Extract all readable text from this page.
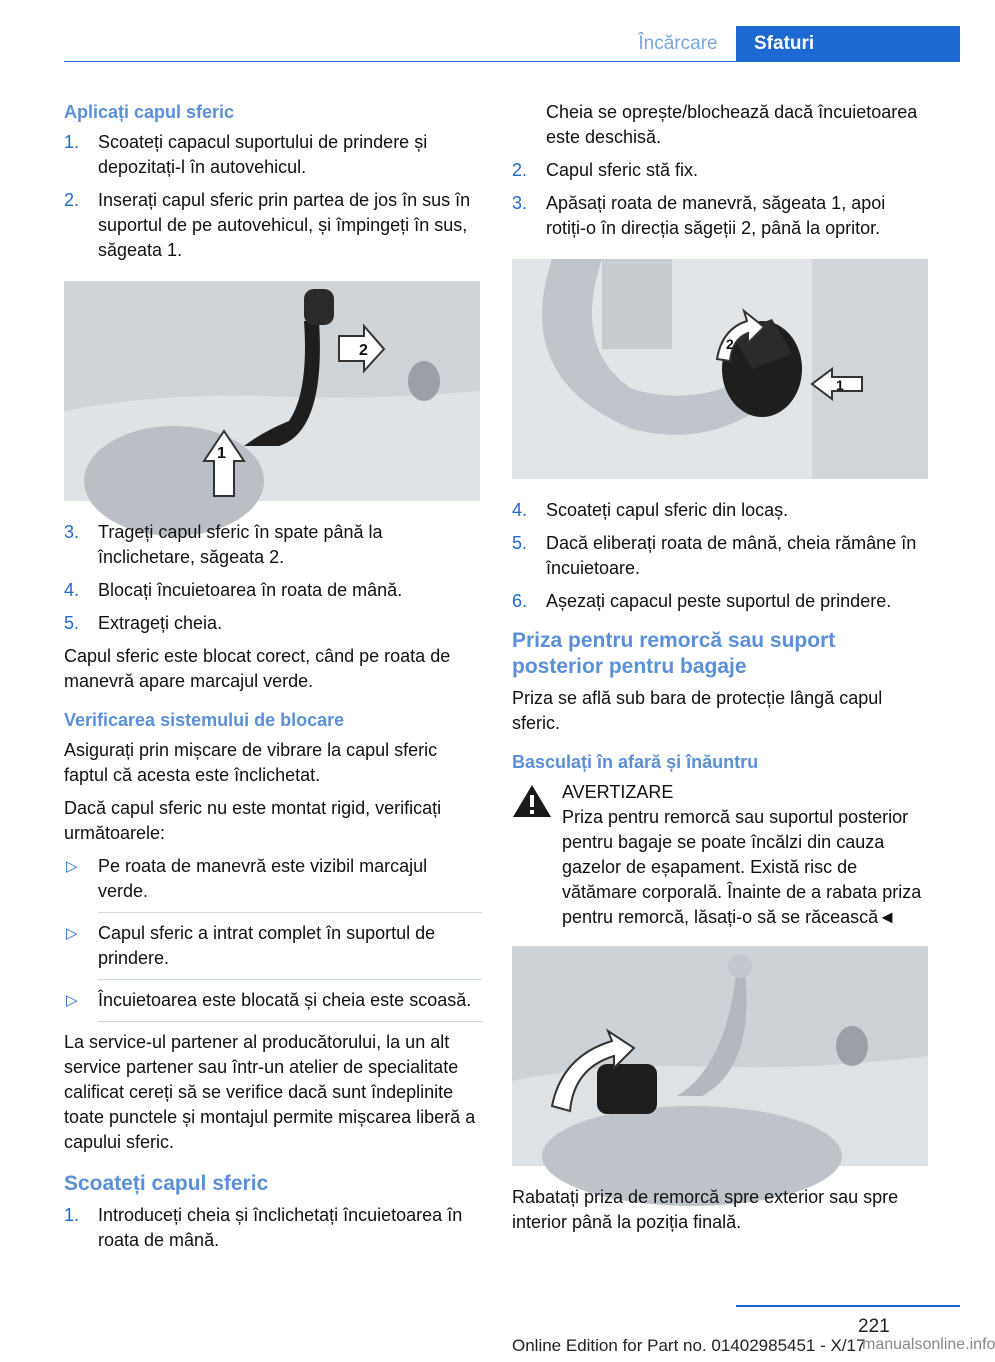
Încărcare	Sfaturi
Aplicați capul sferic
1. Scoateți capacul suportului de prindere și depozitați-l în autovehicul.
2. Inserați capul sferic prin partea de jos în sus în suportul de pe autovehicul, și împingeți în sus, săgeata 1.
1
2
3. Trageți capul sferic în spate până la înclichetare, săgeata 2.
4. Blocați încuietoarea în roata de mână.
5. Extrageți cheia.
Capul sferic este blocat corect, când pe roata de manevră apare marcajul verde.
Verificarea sistemului de blocare
Asigurați prin mișcare de vibrare la capul sferic faptul că acesta este înclichetat.
Dacă capul sferic nu este montat rigid, verificați următoarele:
▷ Pe roata de manevră este vizibil marcajul verde.
▷ Capul sferic a intrat complet în suportul de prindere.
▷ Încuietoarea este blocată și cheia este scoasă.
La service-ul partener al producătorului, la un alt service partener sau într-un atelier de specialitate calificat cereți să se verifice dacă sunt îndeplinite toate punctele și montajul permite mișcarea liberă a capului sferic.
Scoateți capul sferic
1. Introduceți cheia și înclichetați încuietoarea în roata de mână.
Cheia se oprește/blochează dacă încuietoarea este deschisă.
2. Capul sferic stă fix.
3. Apăsați roata de manevră, săgeata 1, apoi rotiți-o în direcția săgeții 2, până la opritor.
1
2
4. Scoateți capul sferic din locaș.
5. Dacă eliberați roata de mână, cheia rămâne în încuietoare.
6. Așezați capacul peste suportul de prindere.
Priza pentru remorcă sau suport posterior pentru bagaje
Priza se află sub bara de protecție lângă capul sferic.
Basculați în afară și înăuntru
AVERTIZARE
Priza pentru remorcă sau suportul posterior pentru bagaje se poate încălzi din cauza gazelor de eșapament. Există risc de vătămare corporală. Înainte de a rabata priza pentru remorcă, lăsați-o să se răcească◄
Rabatați priza de remorcă spre exterior sau spre interior până la poziția finală.
221
Online Edition for Part no. 01402985451 - X/17
manualsonline.info
